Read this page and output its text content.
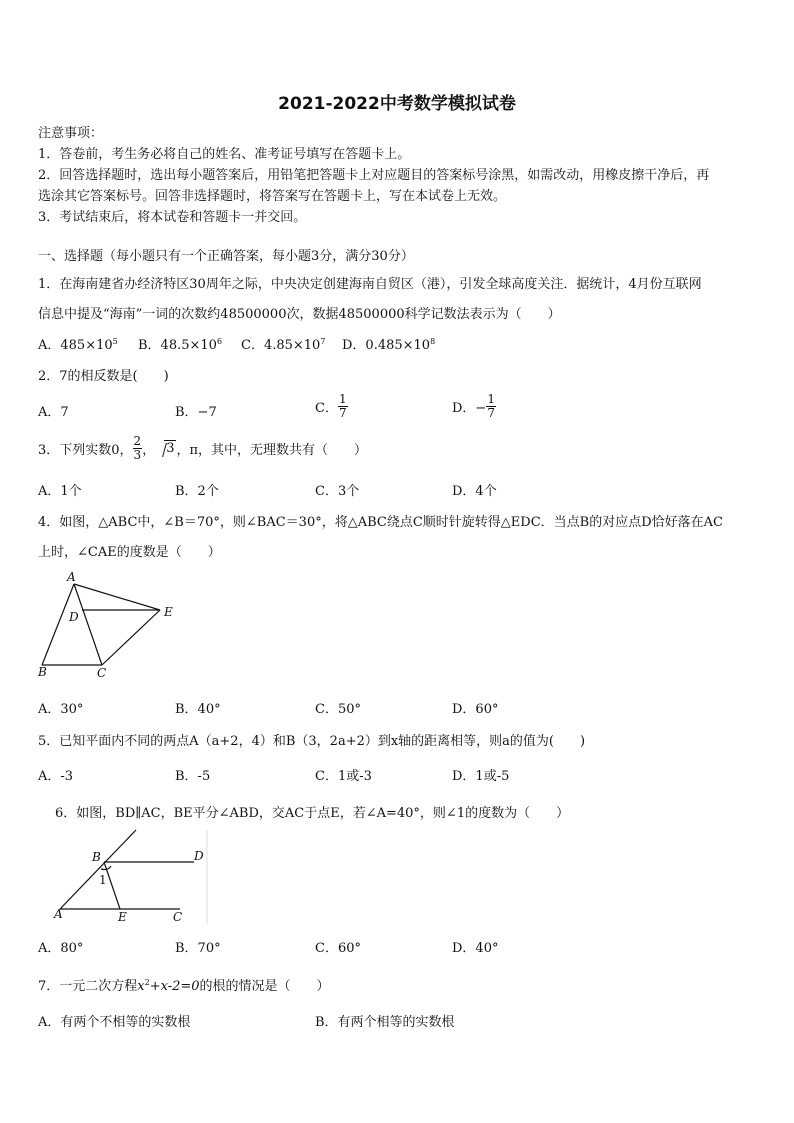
2021-2022中考数学模拟试卷
注意事项：
1．答卷前，考生务必将自己的姓名、准考证号填写在答题卡上。
2．回答选择题时，选出每小题答案后，用铅笔把答题卡上对应题目的答案标号涂黑，如需改动，用橡皮擦干净后，再
选涂其它答案标号。回答非选择题时，将答案写在答题卡上，写在本试卷上无效。
3．考试结束后，将本试卷和答题卡一并交回。
一、选择题（每小题只有一个正确答案，每小题3分，满分30分）
1．在海南建省办经济特区30周年之际，中央决定创建海南自贸区（港），引发全球高度关注．据统计，4月份互联网
信息中提及“海南”一词的次数约48500000次，数据48500000科学记数法表示为（　　）
A．$485\times 10^5$ B．$48.5\times 10^6$ C．$4.85\times 10^7$ D．$0.485\times 10^8$
2．7的相反数是(　　)
A．7	B．−7	C． $\frac{1}{7}$	D．− $\frac{1}{7}$
3．下列实数0， $\frac{2}{3}$ ， 3 ，π，其中，无理数共有（　　）
A．1个	B．2个	C．3个	D．4个
4．如图，△ABC中，∠B＝70°，则∠BAC＝30°，将△ABC绕点C顺时针旋转得△EDC．当点B的对应点D恰好落在AC
上时，∠CAE的度数是（　　）
A
D	E
B	C
A．30°	B．40°	C．50°	D．60°
5．已知平面内不同的两点A（a+2，4）和B（3，2a+2）到x轴的距离相等，则a的值为(　　)
A．-3	B．-5	C．1或-3	D．1或-5
6．如图，BD∥AC，BE平分∠ABD，交AC于点E，若∠A=40°，则∠1的度数为（　　）
B	D
1
A	E	C
A．80°	B．70°	C．60°	D．40°
7．一元二次方程$x^2+x-2=0$的根的情况是（　　）
A．有两个不相等的实数根	B．有两个相等的实数根
